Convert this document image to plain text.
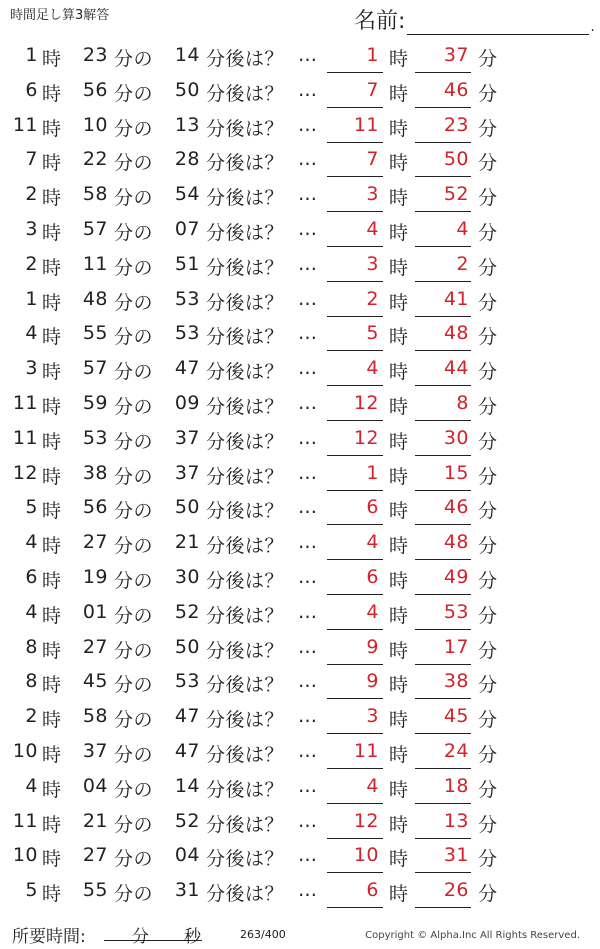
時間足し算3解答	名前:	.
1 時 23 分の 14 分後は？ …	1 時	37 分
6 時 56 分の 50 分後は？ …	7 時	46 分
11 時 10 分の 13 分後は？ …	11 時	23 分
7 時 22 分の 28 分後は？ …	7 時	50 分
2 時 58 分の 54 分後は？ …	3 時	52 分
3 時 57 分の 07 分後は？ …	4 時	4 分
2 時 11 分の 51 分後は？ …	3 時	2 分
1 時 48 分の 53 分後は？ …	2 時	41 分
4 時 55 分の 53 分後は？ …	5 時	48 分
3 時 57 分の 47 分後は？ …	4 時	44 分
11 時 59 分の 09 分後は？ …	12 時	8 分
11 時 53 分の 37 分後は？ …	12 時	30 分
12 時 38 分の 37 分後は？ …	1 時	15 分
5 時 56 分の 50 分後は？ …	6 時	46 分
4 時 27 分の 21 分後は？ …	4 時	48 分
6 時 19 分の 30 分後は？ …	6 時	49 分
4 時 01 分の 52 分後は？ …	4 時	53 分
8 時 27 分の 50 分後は？ …	9 時	17 分
8 時 45 分の 53 分後は？ …	9 時	38 分
2 時 58 分の 47 分後は？ …	3 時	45 分
10 時 37 分の 47 分後は？ …	11 時	24 分
4 時 04 分の 14 分後は？ …	4 時	18 分
11 時 21 分の 52 分後は？ …	12 時	13 分
10 時 27 分の 04 分後は？ …	10 時	31 分
5 時 55 分の 31 分後は？ …	6 時	26 分
所要時間:	分 秒	263/400	Copyright © Alpha.Inc All Rights Reserved.
